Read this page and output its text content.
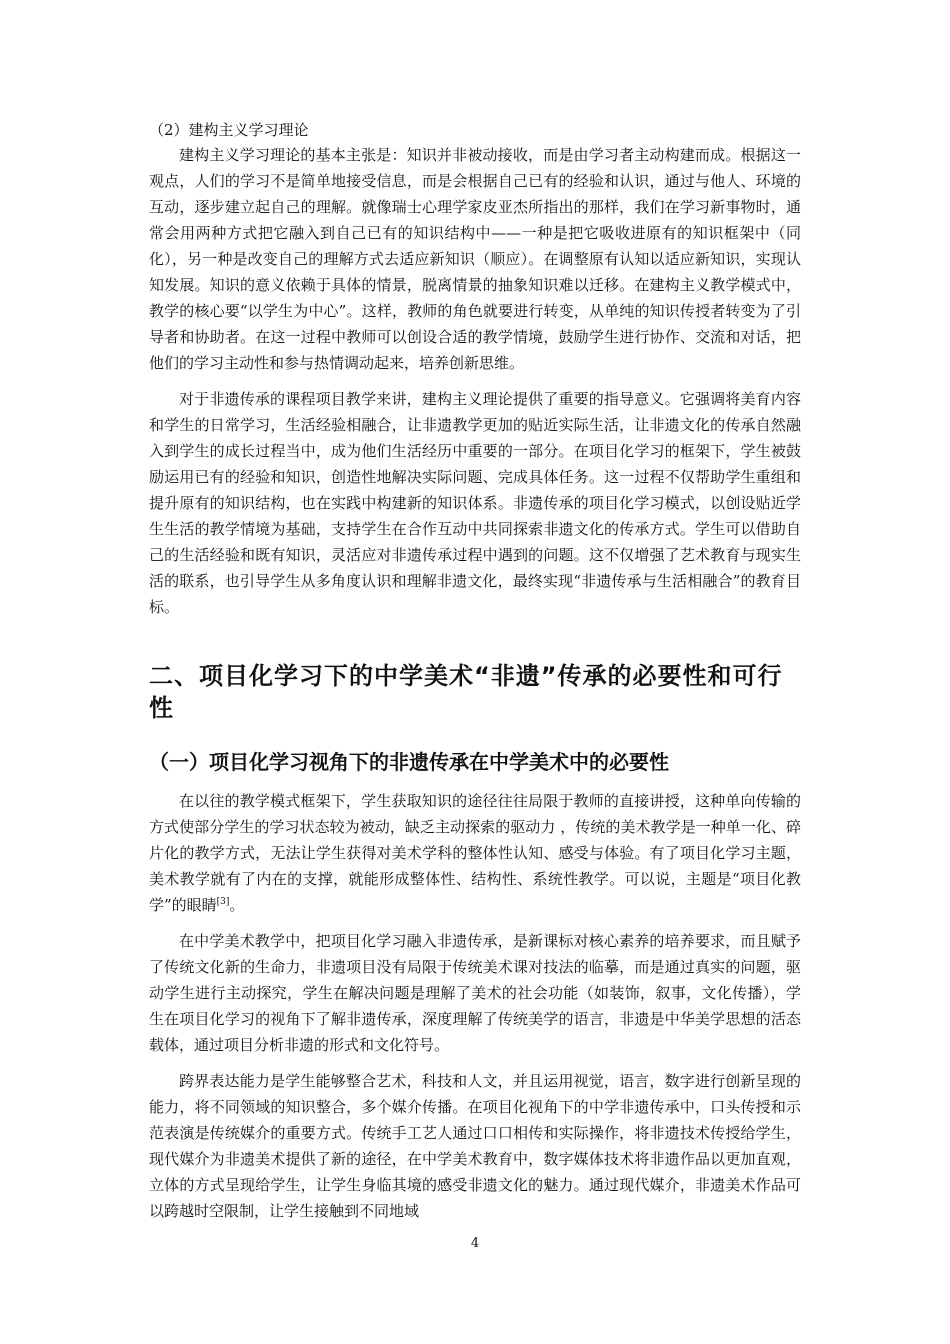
（2）建构主义学习理论

建构主义学习理论的基本主张是：知识并非被动接收，而是由学习者主动构建而成。根据这一观点，人们的学习不是简单地接受信息，而是会根据自己已有的经验和认识，通过与他人、环境的互动，逐步建立起自己的理解。就像瑞士心理学家皮亚杰所指出的那样，我们在学习新事物时，通常会用两种方式把它融入到自己已有的知识结构中——一种是把它吸收进原有的知识框架中（同化），另一种是改变自己的理解方式去适应新知识（顺应）。在调整原有认知以适应新知识，实现认知发展。知识的意义依赖于具体的情景，脱离情景的抽象知识难以迁移。在建构主义教学模式中，教学的核心要“以学生为中心”。这样，教师的角色就要进行转变，从单纯的知识传授者转变为了引导者和协助者。在这一过程中教师可以创设合适的教学情境，鼓励学生进行协作、交流和对话，把他们的学习主动性和参与热情调动起来，培养创新思维。

对于非遗传承的课程项目教学来讲，建构主义理论提供了重要的指导意义。它强调将美育内容和学生的日常学习，生活经验相融合，让非遗教学更加的贴近实际生活，让非遗文化的传承自然融入到学生的成长过程当中，成为他们生活经历中重要的一部分。在项目化学习的框架下，学生被鼓励运用已有的经验和知识，创造性地解决实际问题、完成具体任务。这一过程不仅帮助学生重组和提升原有的知识结构，也在实践中构建新的知识体系。非遗传承的项目化学习模式，以创设贴近学生生活的教学情境为基础，支持学生在合作互动中共同探索非遗文化的传承方式。学生可以借助自己的生活经验和既有知识，灵活应对非遗传承过程中遇到的问题。这不仅增强了艺术教育与现实生活的联系，也引导学生从多角度认识和理解非遗文化，最终实现“非遗传承与生活相融合”的教育目标。

二、项目化学习下的中学美术“非遗”传承的必要性和可行性
（一）项目化学习视角下的非遗传承在中学美术中的必要性

在以往的教学模式框架下，学生获取知识的途径往往局限于教师的直接讲授，这种单向传输的方式使部分学生的学习状态较为被动，缺乏主动探索的驱动力 ，传统的美术教学是一种单一化、碎片化的教学方式，无法让学生获得对美术学科的整体性认知、感受与体验。有了项目化学习主题，美术教学就有了内在的支撑，就能形成整体性、结构性、系统性教学。可以说，主题是“项目化教学”的眼睛[3]。

在中学美术教学中，把项目化学习融入非遗传承，是新课标对核心素养的培养要求，而且赋予了传统文化新的生命力，非遗项目没有局限于传统美术课对技法的临摹，而是通过真实的问题，驱动学生进行主动探究，学生在解决问题是理解了美术的社会功能（如装饰，叙事，文化传播），学生在项目化学习的视角下了解非遗传承，深度理解了传统美学的语言，非遗是中华美学思想的活态载体，通过项目分析非遗的形式和文化符号。

跨界表达能力是学生能够整合艺术，科技和人文，并且运用视觉，语言，数字进行创新呈现的能力，将不同领域的知识整合，多个媒介传播。在项目化视角下的中学非遗传承中，口头传授和示范表演是传统媒介的重要方式。传统手工艺人通过口口相传和实际操作，将非遗技术传授给学生，现代媒介为非遗美术提供了新的途径，在中学美术教育中，数字媒体技术将非遗作品以更加直观，立体的方式呈现给学生，让学生身临其境的感受非遗文化的魅力。通过现代媒介，非遗美术作品可以跨越时空限制，让学生接触到不同地域

4
